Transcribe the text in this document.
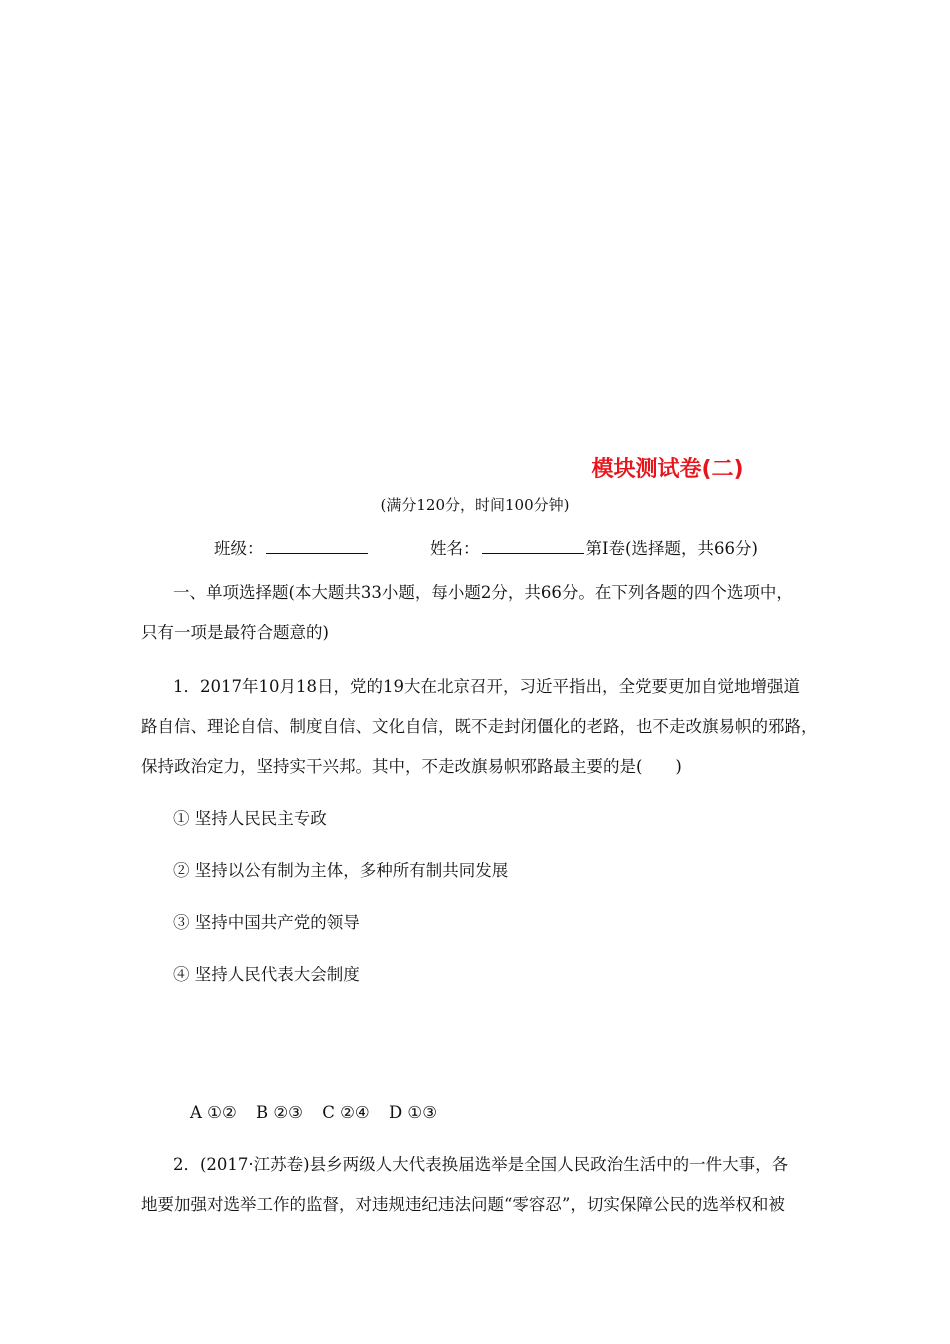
模块测试卷(二)
(满分120分，时间100分钟)
班级：	姓名：	第Ⅰ卷(选择题，共66分)
一、单项选择题(本大题共33小题，每小题2分，共66分。在下列各题的四个选项中，
只有一项是最符合题意的)
1．2017年10月18日，党的19大在北京召开，习近平指出，全党要更加自觉地增强道
路自信、理论自信、制度自信、文化自信，既不走封闭僵化的老路，也不走改旗易帜的邪路，
保持政治定力，坚持实干兴邦。其中，不走改旗易帜邪路最主要的是(　　)
① 坚持人民民主专政
② 坚持以公有制为主体，多种所有制共同发展
③ 坚持中国共产党的领导
④ 坚持人民代表大会制度
A ①② B ②③ C ②④ D ①③
2．(2017·江苏卷)县乡两级人大代表换届选举是全国人民政治生活中的一件大事，各
地要加强对选举工作的监督，对违规违纪违法问题“零容忍”，切实保障公民的选举权和被
